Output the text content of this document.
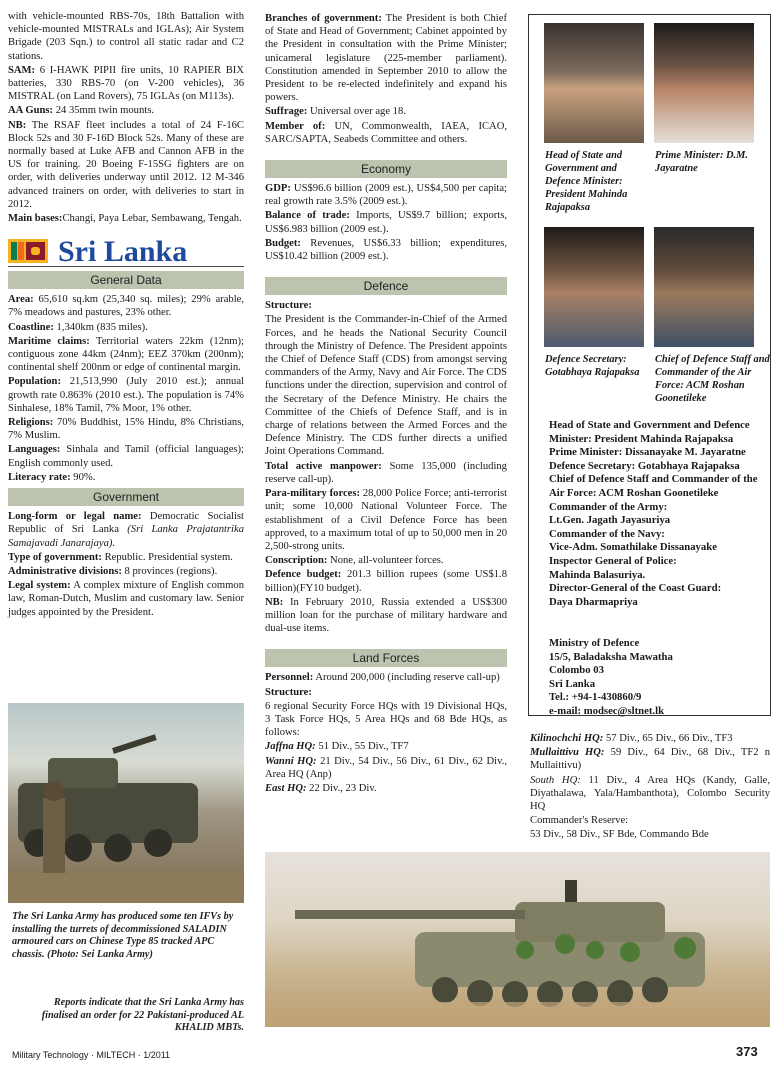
with vehicle-mounted RBS-70s, 18th Battalion with vehicle-mounted MISTRALs and IGLAs); Air System Brigade (203 Sqn.) to control all static radar and C2 stations.

SAM: 6 I-HAWK PIPII fire units, 10 RAPIER BIX batteries, 330 RBS-70 (on V-200 vehicles), 36 MISTRAL (on Land Rovers), 75 IGLAs (on M113s).

AA Guns: 24 35mm twin mounts.

NB: The RSAF fleet includes a total of 24 F-16C Block 52s and 30 F-16D Block 52s. Many of these are normally based at Luke AFB and Cannon AFB in the US for training. 20 Boeing F-15SG fighters are on order, with deliveries underway until 2012. 12 M-346 advanced trainers on order, with deliveries to start in 2012.

Main bases:Changi, Paya Lebar, Sembawang, Tengah.

Sri Lanka
General Data

Area: 65,610 sq.km (25,340 sq. miles); 29% arable, 7% meadows and pastures, 23% other.

Coastline: 1,340km (835 miles).

Maritime claims: Territorial waters 22km (12nm); contiguous zone 44km (24nm); EEZ 370km (200nm); continental shelf 200nm or edge of continental margin.

Population: 21,513,990 (July 2010 est.); annual growth rate 0.863% (2010 est.). The population is 74% Sinhalese, 18% Tamil, 7% Moor, 1% other.

Religions: 70% Buddhist, 15% Hindu, 8% Christians, 7% Muslim.

Languages: Sinhala and Tamil (official languages); English commonly used.

Literacy rate: 90%.

Government

Long-form or legal name: Democratic Socialist Republic of Sri Lanka (Sri Lanka Prajatantrika Samajavadi Janarajaya).

Type of government: Republic. Presidential system.

Administrative divisions: 8 provinces (regions).

Legal system: A complex mixture of English common law, Roman-Dutch, Muslim and customary law. Senior judges appointed by the President.

The Sri Lanka Army has produced some ten IFVs by installing the turrets of decommissioned SALADIN armoured cars on Chinese Type 85 tracked APC chassis. (Photo: Sei Lanka Army)
Reports indicate that the Sri Lanka Army has finalised an order for 22 Pakistani-produced AL KHALID MBTs.

Branches of government: The President is both Chief of State and Head of Government; Cabinet appointed by the President in consultation with the Prime Minister; unicameral legislature (225-member parliament). Constitution amended in September 2010 to allow the President to be re-elected indefinitely and expand his powers.

Suffrage: Universal over age 18.

Member of: UN, Commonwealth, IAEA, ICAO, SARC/SAPTA, Seabeds Committee and others.

Economy

GDP: US$96.6 billion (2009 est.), US$4,500 per capita; real growth rate 3.5% (2009 est.).

Balance of trade: Imports, US$9.7 billion; exports, US$6.983 billion (2009 est.).

Budget: Revenues, US$6.33 billion; expenditures, US$10.42 billion (2009 est.).

Defence

Structure:

The President is the Commander-in-Chief of the Armed Forces, and he heads the National Security Council through the Ministry of Defence. The President appoints the Chief of Defence Staff (CDS) from amongst serving commanders of the Army, Navy and Air Force. The CDS functions under the direction, supervision and control of the Secretary of the Defence Ministry. He chairs the Committee of the Chiefs of Defence Staff, and is in charge of relations between the Armed Forces and the Defence Ministry. The CDS further directs a unified Joint Operations Command.

Total active manpower: Some 135,000 (including reserve call-up).

Para-military forces: 28,000 Police Force; anti-terrorist unit; some 10,000 National Volunteer Force. The establishment of a Civil Defence Force has been approved, to a maximum total of up to 50,000 men in 20 2,500-strong units.

Conscription: None, all-volunteer forces.

Defence budget: 201.3 billion rupees (some US$1.8 billion)(FY10 budget).

NB: In February 2010, Russia extended a US$300 million loan for the purchase of military hardware and dual-use items.

Land Forces

Personnel: Around 200,000 (including reserve call-up)

Structure:

6 regional Security Force HQs with 19 Divisional HQs, 3 Task Force HQs, 5 Area HQs and 68 Bde HQs, as follows:

Jaffna HQ: 51 Div., 55 Div., TF7

Wanni HQ: 21 Div., 54 Div., 56 Div., 61 Div., 62 Div., Area HQ (Anp)

East HQ: 22 Div., 23 Div.

Head of State and Government and Defence Minister: President Mahinda Rajapaksa
Prime Minister: D.M. Jayaratne
Defence Secretary: Gotabhaya Rajapaksa
Chief of Defence Staff and Commander of the Air Force: ACM Roshan Goonetileke
Head of State and Government and Defence Minister: President Mahinda Rajapaksa
Prime Minister: Dissanayake M. Jayaratne
Defence Secretary: Gotabhaya Rajapaksa
Chief of Defence Staff and Commander of the Air Force: ACM Roshan Goonetileke
Commander of the Army:
Lt.Gen. Jagath Jayasuriya
Commander of the Navy:
Vice-Adm. Somathilake Dissanayake
Inspector General of Police:
Mahinda Balasuriya.
Director-General of the Coast Guard:
Daya Dharmapriya
Ministry of Defence
15/5, Baladaksha Mawatha
Colombo 03
Sri Lanka
Tel.: +94-1-430860/9
e-mail: modsec@sltnet.lk

Kilinochchi HQ: 57 Div., 65 Div., 66 Div., TF3

Mullaittivu HQ: 59 Div., 64 Div., 68 Div., TF2 n Mullaittivu)

South HQ: 11 Div., 4 Area HQs (Kandy, Galle, Diyathalawa, Yala/Hambanthota), Colombo Security HQ

Commander's Reserve:

53 Div., 58 Div., SF Bde, Commando Bde

Military Technology · MILTECH · 1/2011	373
